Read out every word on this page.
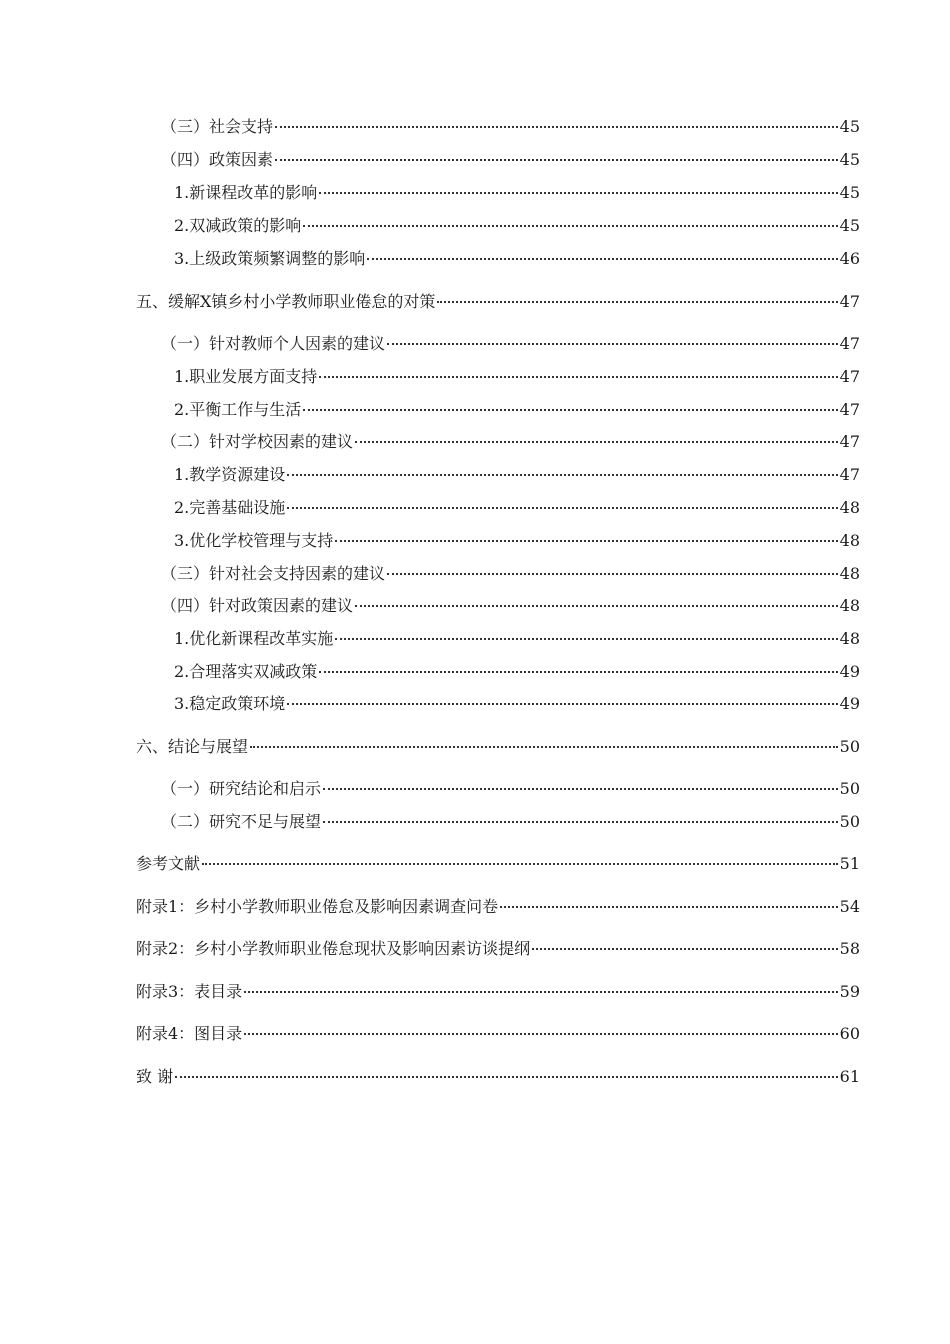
（三）社会支持	45
（四）政策因素	45
1.新课程改革的影响	45
2.双减政策的影响	45
3.上级政策频繁调整的影响	46
五、缓解X镇乡村小学教师职业倦怠的对策	47
（一）针对教师个人因素的建议	47
1.职业发展方面支持	47
2.平衡工作与生活	47
（二）针对学校因素的建议	47
1.教学资源建设	47
2.完善基础设施	48
3.优化学校管理与支持	48
（三）针对社会支持因素的建议	48
（四）针对政策因素的建议	48
1.优化新课程改革实施	48
2.合理落实双减政策	49
3.稳定政策环境	49
六、结论与展望	50
（一）研究结论和启示	50
（二）研究不足与展望	50
参考文献	51
附录1：乡村小学教师职业倦怠及影响因素调查问卷	54
附录2：乡村小学教师职业倦怠现状及影响因素访谈提纲	58
附录3：表目录	59
附录4：图目录	60
致 谢	61
